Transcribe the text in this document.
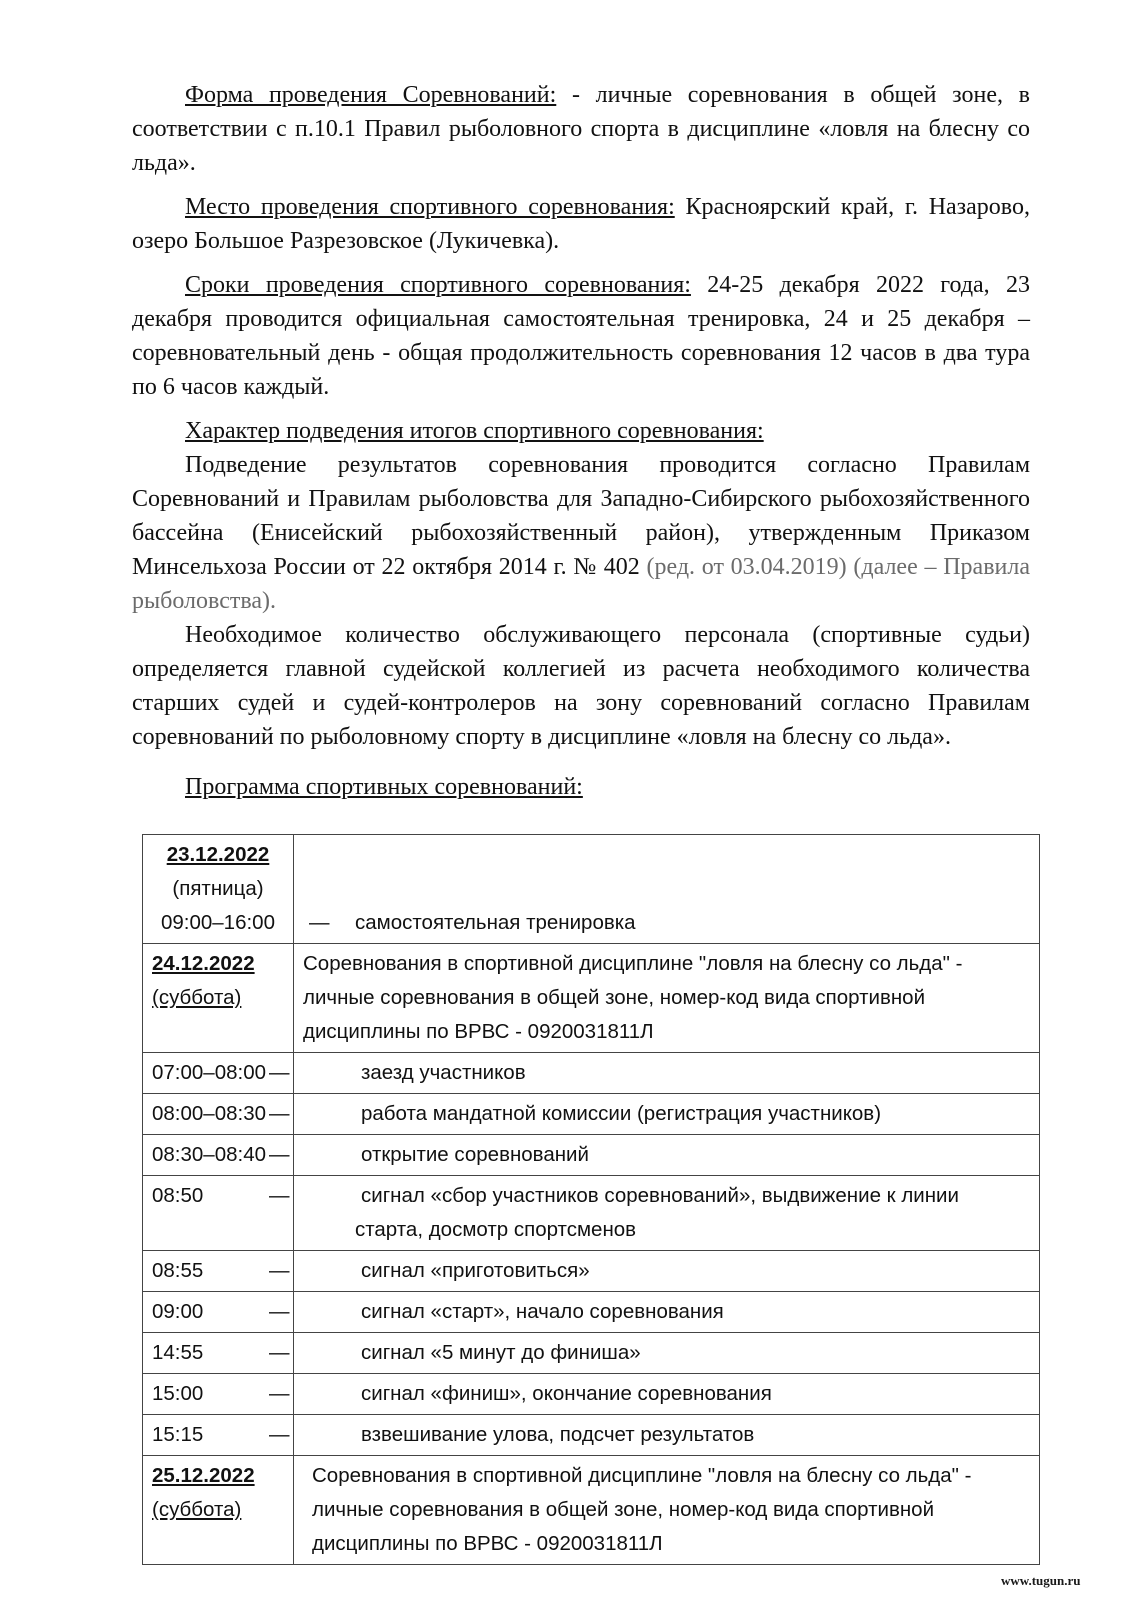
Форма проведения Соревнований: - личные соревнования в общей зоне, в соответствии с п.10.1 Правил рыболовного спорта в дисциплине «ловля на блесну со льда».

Место проведения спортивного соревнования: Красноярский край, г. Назарово, озеро Большое Разрезовское (Лукичевка).

Сроки проведения спортивного соревнования: 24-25 декабря 2022 года, 23 декабря проводится официальная самостоятельная тренировка, 24 и 25 декабря – соревновательный день - общая продолжительность соревнования 12 часов в два тура по 6 часов каждый.

Характер подведения итогов спортивного соревнования:

Подведение результатов соревнования проводится согласно Правилам Соревнований и Правилам рыболовства для Западно-Сибирского рыбохозяйственного бассейна (Енисейский рыбохозяйственный район), утвержденным Приказом Минсельхоза России от 22 октября 2014 г. № 402 (ред. от 03.04.2019) (далее – Правила рыболовства).

Необходимое количество обслуживающего персонала (спортивные судьи) определяется главной судейской коллегией из расчета необходимого количества старших судей и судей-контролеров на зону соревнований согласно Правилам соревнований по рыболовному спорту в дисциплине «ловля на блесну со льда».

Программа спортивных соревнований:

23.12.2022
(пятница)
09:00–16:00	— самостоятельная тренировка

24.12.2022
(суббота)	Соревнования в спортивной дисциплине "ловля на блесну со льда" - личные соревнования в общей зоне, номер-код вида спортивной дисциплины по ВРВС - 0920031811Л
07:00–08:00	— заезд участников

08:00–08:30	— работа мандатной комиссии (регистрация участников)

08:30–08:40	— открытие соревнований

08:50	— сигнал «сбор участников соревнований», выдвижение к линии старта, досмотр спортсменов

08:55	— сигнал «приготовиться»

09:00	— сигнал «старт», начало соревнования

14:55	— сигнал «5 минут до финиша»

15:00	— сигнал «финиш», окончание соревнования

15:15	— взвешивание улова, подсчет результатов

25.12.2022
(суббота)	Соревнования в спортивной дисциплине "ловля на блесну со льда" - личные соревнования в общей зоне, номер-код вида спортивной дисциплины по ВРВС - 0920031811Л
www.tugun.ru
